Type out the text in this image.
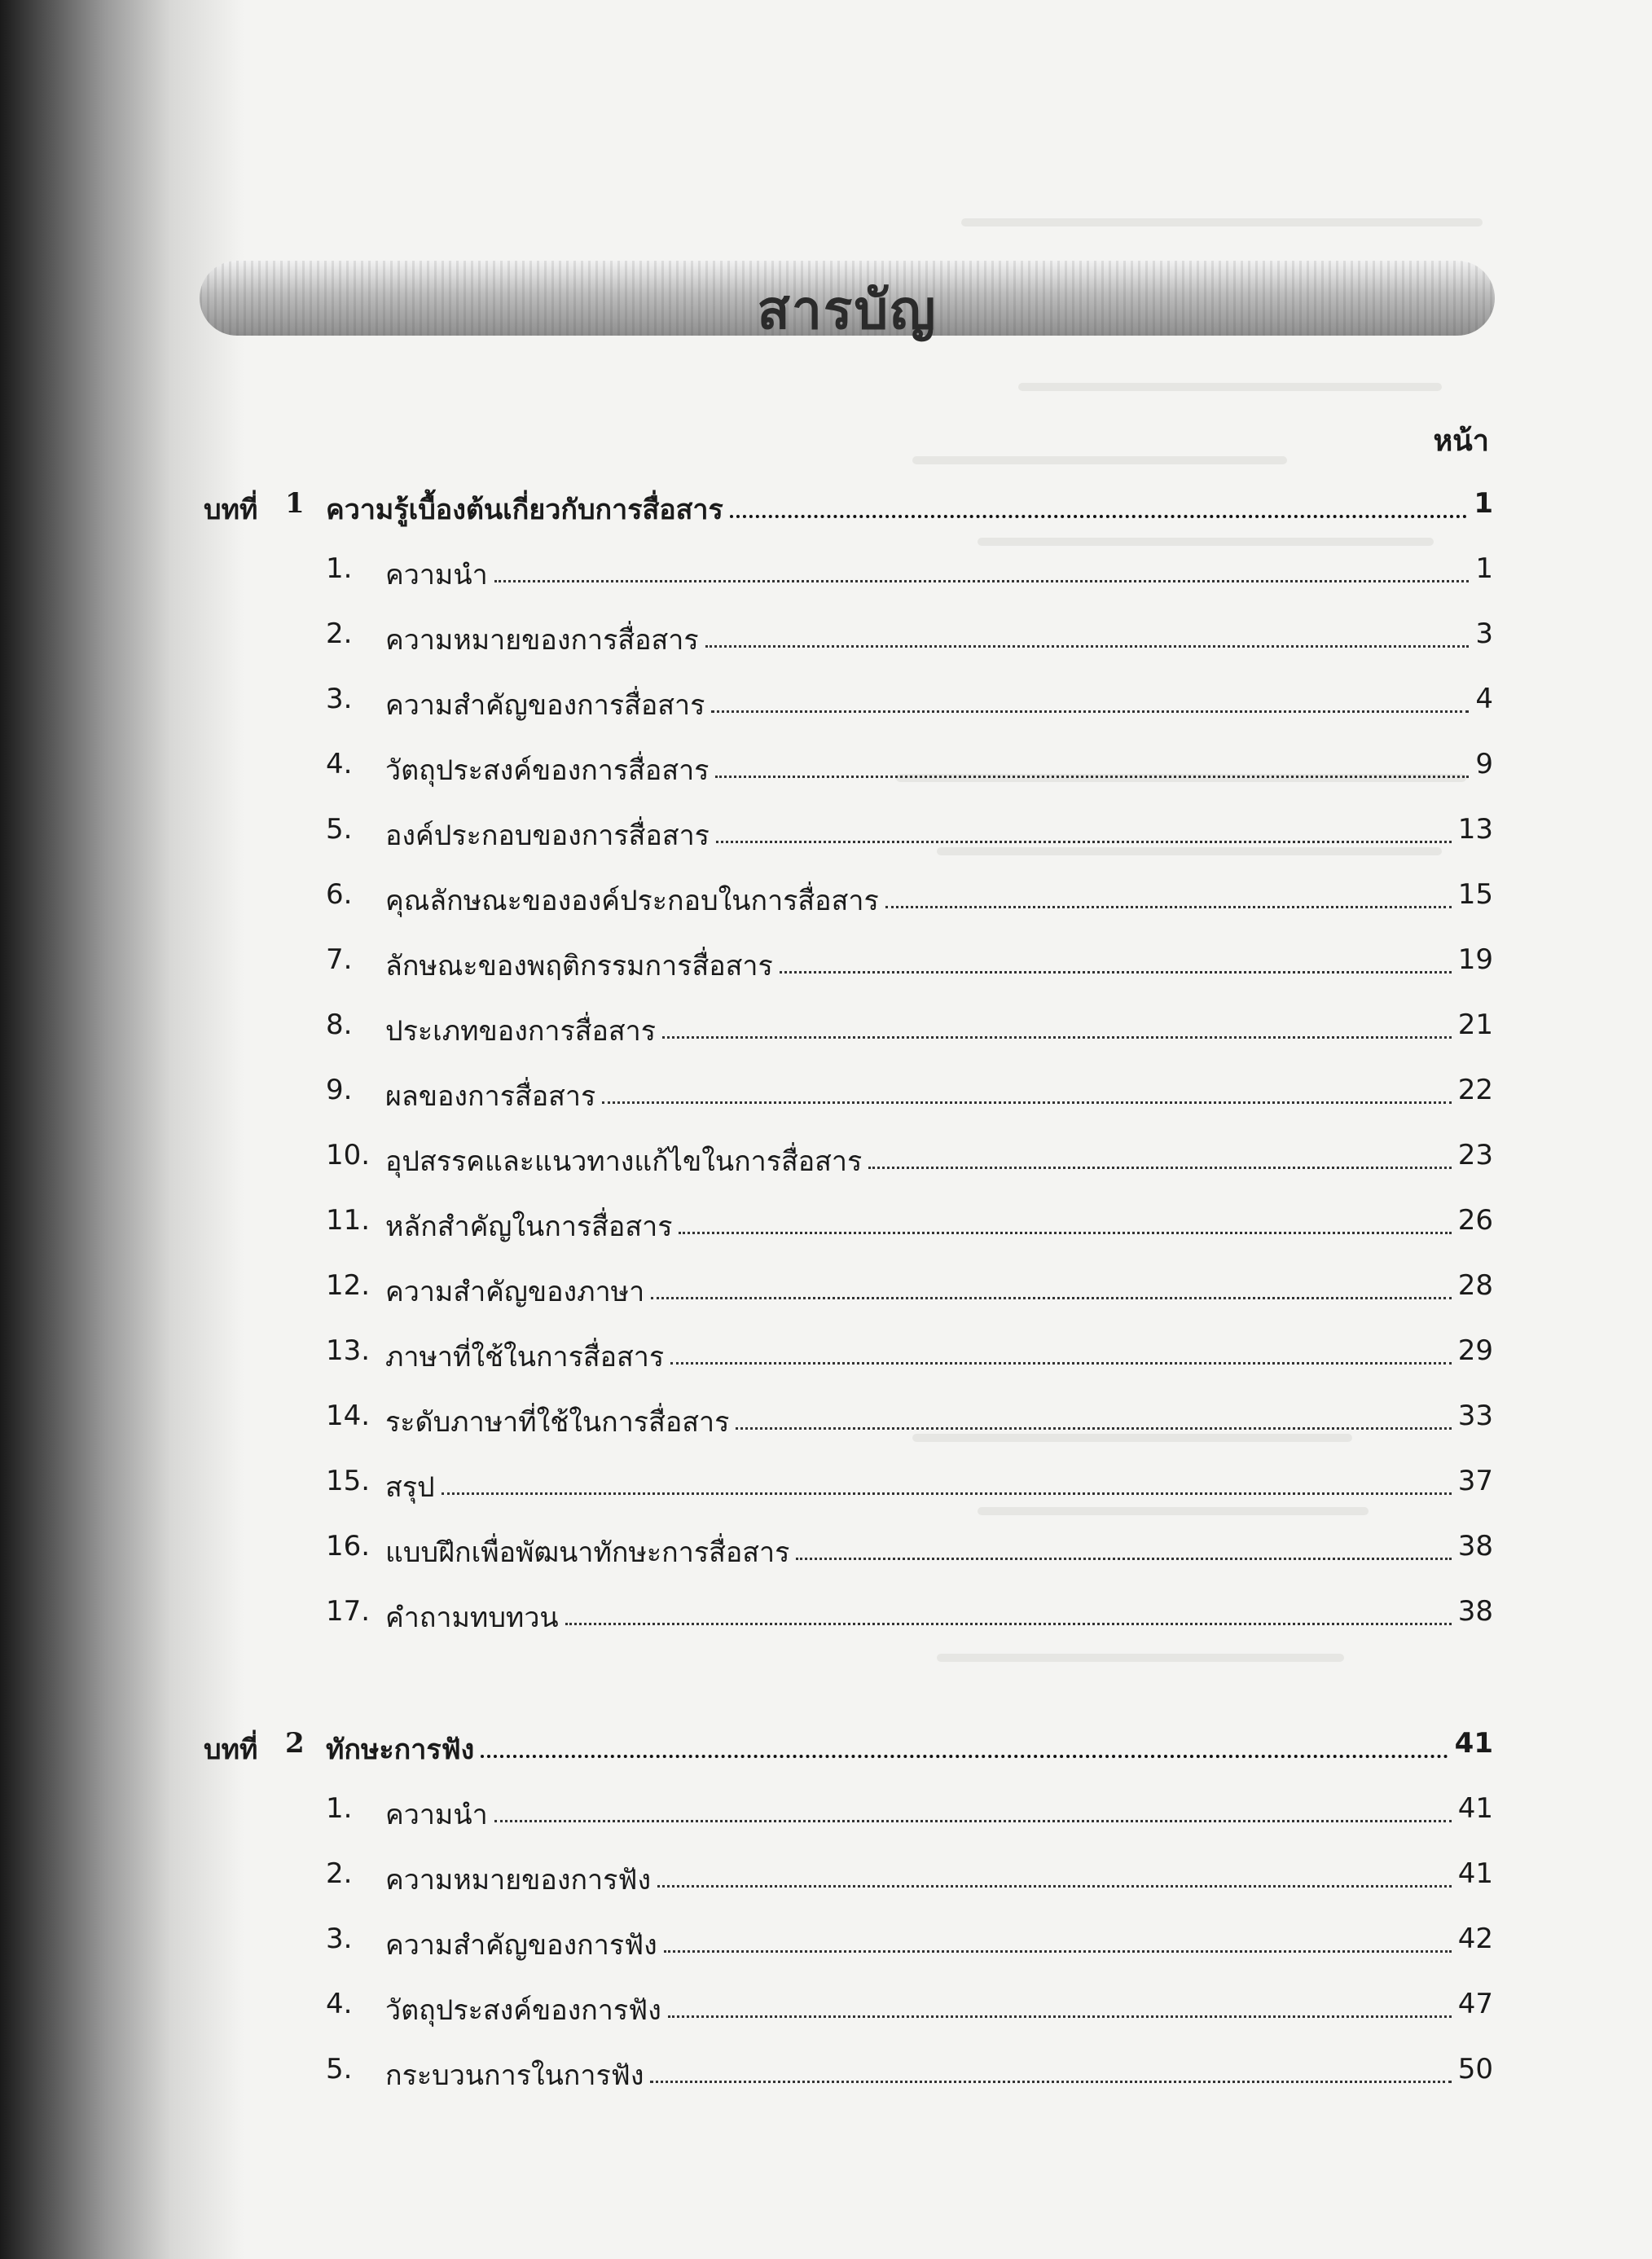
สารบัญ
หน้า
บทที่ 1 ความรู้เบื้องต้นเกี่ยวกับการสื่อสาร	1
1. ความนำ	1
2. ความหมายของการสื่อสาร	3
3. ความสำคัญของการสื่อสาร	4
4. วัตถุประสงค์ของการสื่อสาร	9
5. องค์ประกอบของการสื่อสาร	13
6. คุณลักษณะขององค์ประกอบในการสื่อสาร	15
7. ลักษณะของพฤติกรรมการสื่อสาร	19
8. ประเภทของการสื่อสาร	21
9. ผลของการสื่อสาร	22
10. อุปสรรคและแนวทางแก้ไขในการสื่อสาร	23
11. หลักสำคัญในการสื่อสาร	26
12. ความสำคัญของภาษา	28
13. ภาษาที่ใช้ในการสื่อสาร	29
14. ระดับภาษาที่ใช้ในการสื่อสาร	33
15. สรุป	37
16. แบบฝึกเพื่อพัฒนาทักษะการสื่อสาร	38
17. คำถามทบทวน	38
บทที่ 2 ทักษะการฟัง	41
1. ความนำ	41
2. ความหมายของการฟัง	41
3. ความสำคัญของการฟัง	42
4. วัตถุประสงค์ของการฟัง	47
5. กระบวนการในการฟัง	50
